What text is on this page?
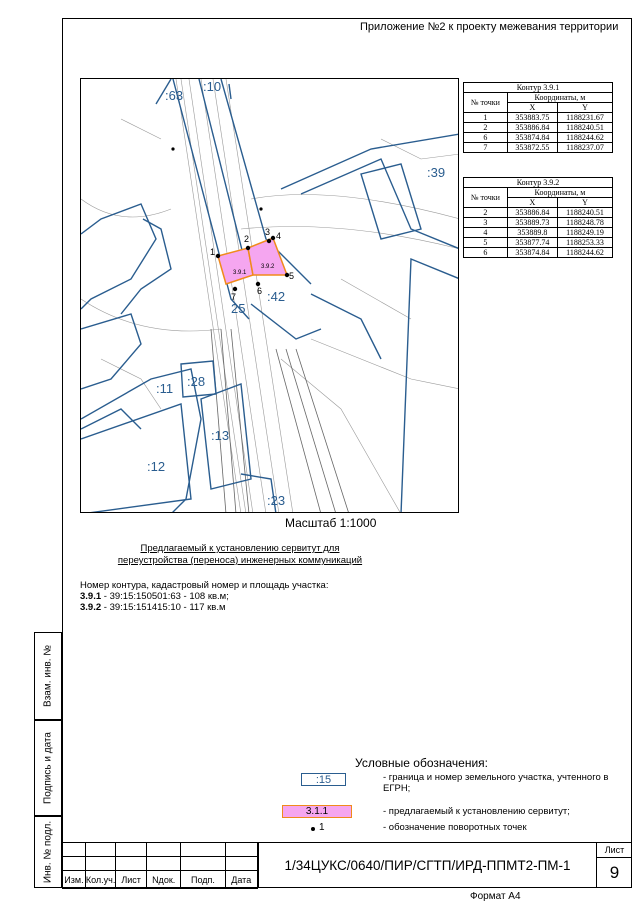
Взам. инв. №
Подпись и дата
Инв. № подл.
Приложение №2 к проекту межевания территории
:63
:10
:39
25
:42
:11 :28
:13
:12
:23
3.9.1
3.9.2
1
2
3 4
5
6
7
Контур 3.9.1		
№ точки	Координаты, м	
	X	Y
1	353883.75	1188231.67
2	353886.84	1188240.51
6	353874.84	1188244.62
7	353872.55	1188237.07
Контур 3.9.2		
№ точки	Координаты, м	
	X	Y
2	353886.84	1188240.51
3	353889.73	1188248.78
4	353889.8	1188249.19
5	353877.74	1188253.33
6	353874.84	1188244.62
Масштаб 1:1000
Предлагаемый к установлению сервитут для
переустройства (переноса) инженерных коммуникаций
Номер контура, кадастровый номер и площадь участка:
3.9.1 - 39:15:150501:63 - 108 кв.м;
3.9.2 - 39:15:151415:10 - 117 кв.м
Условные обозначения:
:15	- граница и номер земельного участка, учтенного в ЕГРН;
3.1.1	- предлагаемый к установлению сервитут;
1	- обозначение поворотных точек

Изм.	Кол.уч.	Лист	Nдок.	Подп.	Дата
1/34ЦУКС/0640/ПИР/СГТП/ИРД-ППМТ2-ПМ-1
Лист
9
Формат А4
